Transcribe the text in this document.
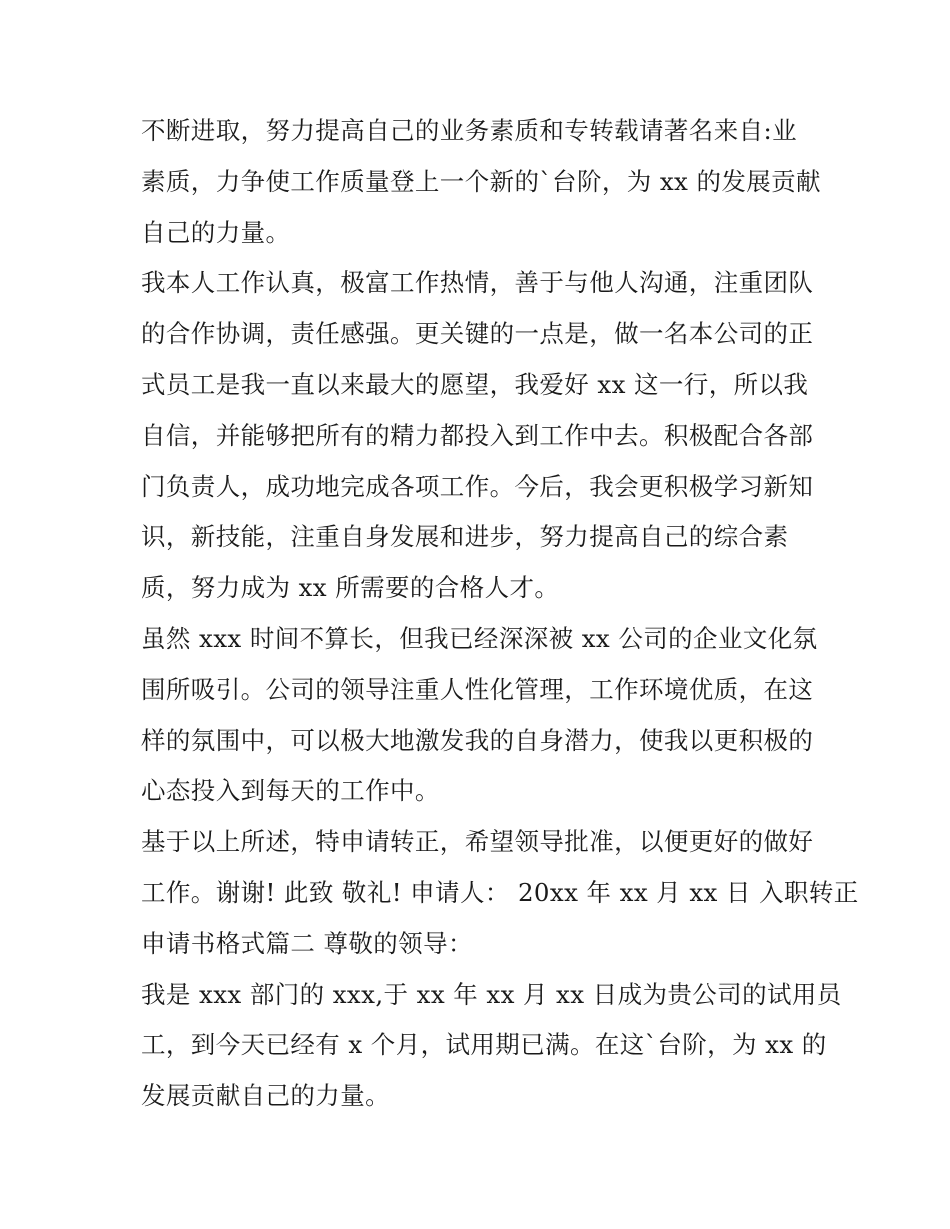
不断进取，努力提高自己的业务素质和专转载请著名来自:业
素质，力争使工作质量登上一个新的`台阶，为 xx 的发展贡献
自己的力量。
我本人工作认真，极富工作热情，善于与他人沟通，注重团队
的合作协调，责任感强。更关键的一点是，做一名本公司的正
式员工是我一直以来最大的愿望，我爱好 xx 这一行，所以我
自信，并能够把所有的精力都投入到工作中去。积极配合各部
门负责人，成功地完成各项工作。今后，我会更积极学习新知
识，新技能，注重自身发展和进步，努力提高自己的综合素
质，努力成为 xx 所需要的合格人才。
虽然 xxx 时间不算长，但我已经深深被 xx 公司的企业文化氛
围所吸引。公司的领导注重人性化管理，工作环境优质，在这
样的氛围中，可以极大地激发我的自身潜力，使我以更积极的
心态投入到每天的工作中。
基于以上所述，特申请转正，希望领导批准，以便更好的做好
工作。谢谢! 此致 敬礼! 申请人： 20xx 年 xx 月 xx 日 入职转正
申请书格式篇二 尊敬的领导：
我是 xxx 部门的 xxx,于 xx 年 xx 月 xx 日成为贵公司的试用员
工，到今天已经有 x 个月，试用期已满。在这`台阶，为 xx 的
发展贡献自己的力量。
